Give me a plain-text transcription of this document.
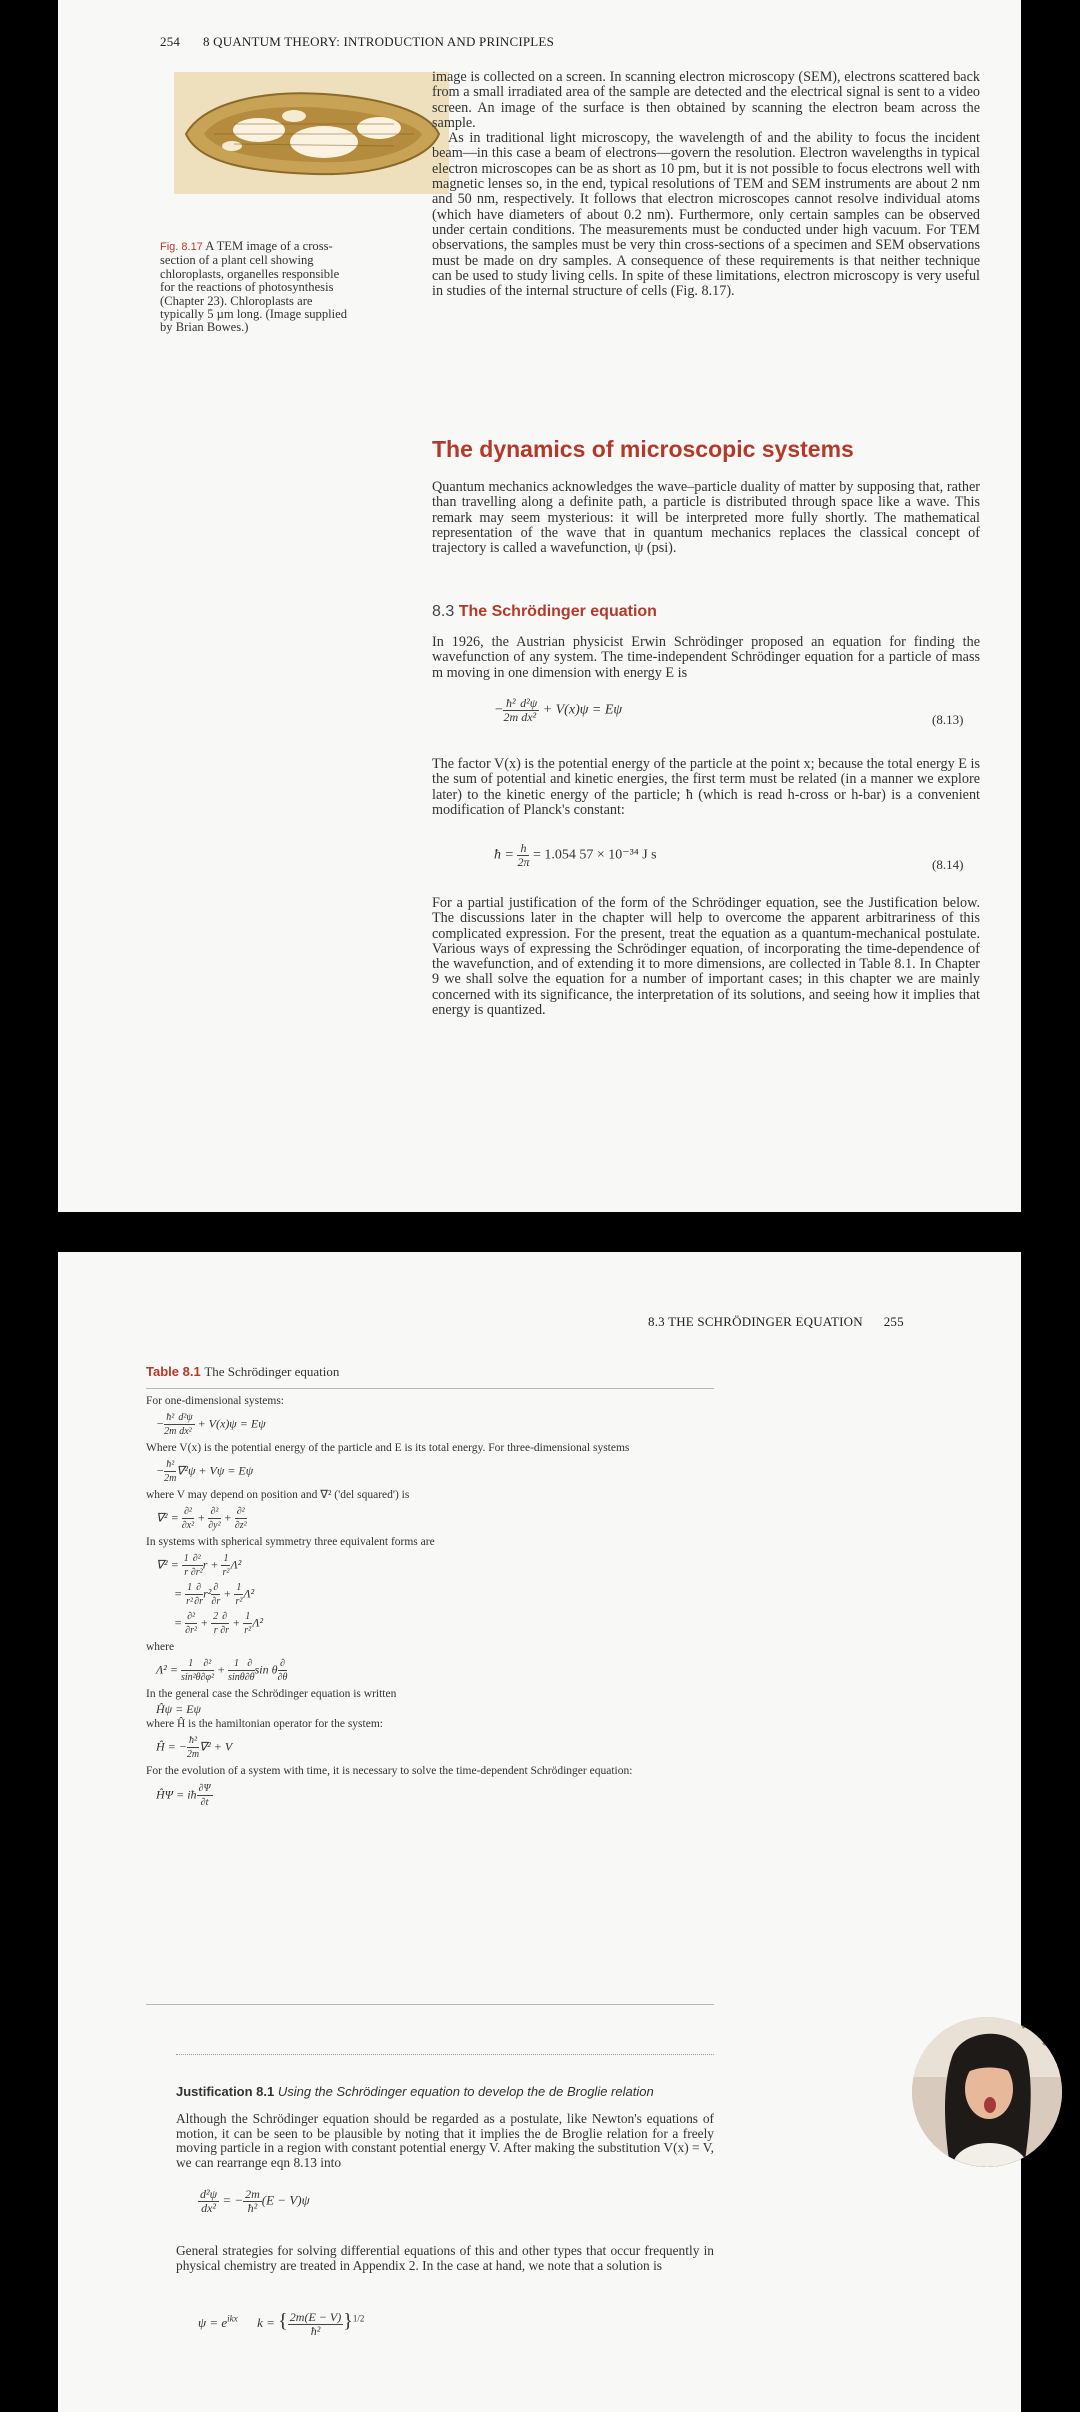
254 8 QUANTUM THEORY: INTRODUCTION AND PRINCIPLES
Fig. 8.17 A TEM image of a cross-section of a plant cell showing chloroplasts, organelles responsible for the reactions of photosynthesis (Chapter 23). Chloroplasts are typically 5 µm long. (Image supplied by Brian Bowes.)

image is collected on a screen. In scanning electron microscopy (SEM), electrons scattered back from a small irradiated area of the sample are detected and the electrical signal is sent to a video screen. An image of the surface is then obtained by scanning the electron beam across the sample.

As in traditional light microscopy, the wavelength of and the ability to focus the incident beam—in this case a beam of electrons—govern the resolution. Electron wavelengths in typical electron microscopes can be as short as 10 pm, but it is not possible to focus electrons well with magnetic lenses so, in the end, typical resolutions of TEM and SEM instruments are about 2 nm and 50 nm, respectively. It follows that electron microscopes cannot resolve individual atoms (which have diameters of about 0.2 nm). Furthermore, only certain samples can be observed under certain conditions. The measurements must be conducted under high vacuum. For TEM observations, the samples must be very thin cross-sections of a specimen and SEM observations must be made on dry samples. A consequence of these requirements is that neither technique can be used to study living cells. In spite of these limitations, electron microscopy is very useful in studies of the internal structure of cells (Fig. 8.17).

The dynamics of microscopic systems

Quantum mechanics acknowledges the wave–particle duality of matter by supposing that, rather than travelling along a definite path, a particle is distributed through space like a wave. This remark may seem mysterious: it will be interpreted more fully shortly. The mathematical representation of the wave that in quantum mechanics replaces the classical concept of trajectory is called a wavefunction, ψ (psi).

8.3 The Schrödinger equation

In 1926, the Austrian physicist Erwin Schrödinger proposed an equation for finding the wavefunction of any system. The time-independent Schrödinger equation for a particle of mass m moving in one dimension with energy E is

− $\frac{\text{ħ²}}{2m} \frac{\text{d²ψ}}{\text{dx²}} + V(x)\psi = E\psi$
(8.13)

The factor V(x) is the potential energy of the particle at the point x; because the total energy E is the sum of potential and kinetic energies, the first term must be related (in a manner we explore later) to the kinetic energy of the particle; ħ (which is read h-cross or h-bar) is a convenient modification of Planck's constant:

ħ = $\frac{h}{2\pi} = 1.054$ 57 × 10⁻³⁴ J s
(8.14)

For a partial justification of the form of the Schrödinger equation, see the Justification below. The discussions later in the chapter will help to overcome the apparent arbitrariness of this complicated expression. For the present, treat the equation as a quantum-mechanical postulate. Various ways of expressing the Schrödinger equation, of incorporating the time-dependence of the wavefunction, and of extending it to more dimensions, are collected in Table 8.1. In Chapter 9 we shall solve the equation for a number of important cases; in this chapter we are mainly concerned with its significance, the interpretation of its solutions, and seeing how it implies that energy is quantized.

8.3 THE SCHRÖDINGER EQUATION 255
Table 8.1 The Schrödinger equation
For one-dimensional systems:
− $\frac{\text{ħ²}}{2m} \frac{\text{d²ψ}}{\text{dx²}} + V(x)\psi = E\psi$
Where V(x) is the potential energy of the particle and E is its total energy. For three-dimensional systems
− $\frac{\text{ħ²}}{2m} \nabla^2\psi + V\psi = E\psi$
where V may depend on position and ∇² ('del squared') is
$\nabla^2 = \frac{\text{∂²}}{\text{∂x²}} + \frac{\text{∂²}}{\text{∂y²}} + \frac{\text{∂²}}{\text{∂z²}}$
In systems with spherical symmetry three equivalent forms are
$\nabla^2 = \frac{1}{r} \frac{\text{∂²}}{\text{∂r²}}$ $r + \frac{1}{\text{r²}} \Lambda^2$
= $\frac{1}{\text{r²}} \frac{\partial}{\partial r} r^2 \frac{\partial}{\partial r} + \frac{1}{\text{r²}} \Lambda^2$
= $\frac{\text{∂²}}{\text{∂r²}} + \frac{2}{r} \frac{\partial}{\partial r} + \frac{1}{\text{r²}} \Lambda^2$
where
$\Lambda^2 = \frac{1}{\text{sin²θ}} \frac{\text{∂²}}{\text{∂φ²}} + \frac{1}{\sin\theta} \frac{\partial}{\partial\theta}$ sin θ $\frac{\partial}{\partial\theta}$
In the general case the Schrödinger equation is written
Ĥψ = Eψ
where Ĥ is the hamiltonian operator for the system:
Ĥ = − $\frac{\text{ħ²}}{2m} \nabla^2 + V$
For the evolution of a system with time, it is necessary to solve the time-dependent Schrödinger equation:
ĤΨ = iħ $\frac{\partial\Psi}{\partial t}$
Justification 8.1 Using the Schrödinger equation to develop the de Broglie relation

Although the Schrödinger equation should be regarded as a postulate, like Newton's equations of motion, it can be seen to be plausible by noting that it implies the de Broglie relation for a freely moving particle in a region with constant potential energy V. After making the substitution V(x) = V, we can rearrange eqn 8.13 into

$\frac{\text{d²ψ}}{\text{dx²}}$ = − $\frac{2m}{\text{ħ²}} (E - V)\psi$

General strategies for solving differential equations of this and other types that occur frequently in physical chemistry are treated in Appendix 2. In the case at hand, we note that a solution is

$\psi = e^{ikx}$      k = { $\frac{2m(E - V)}{\text{ħ²}} \}^{1/2}$
